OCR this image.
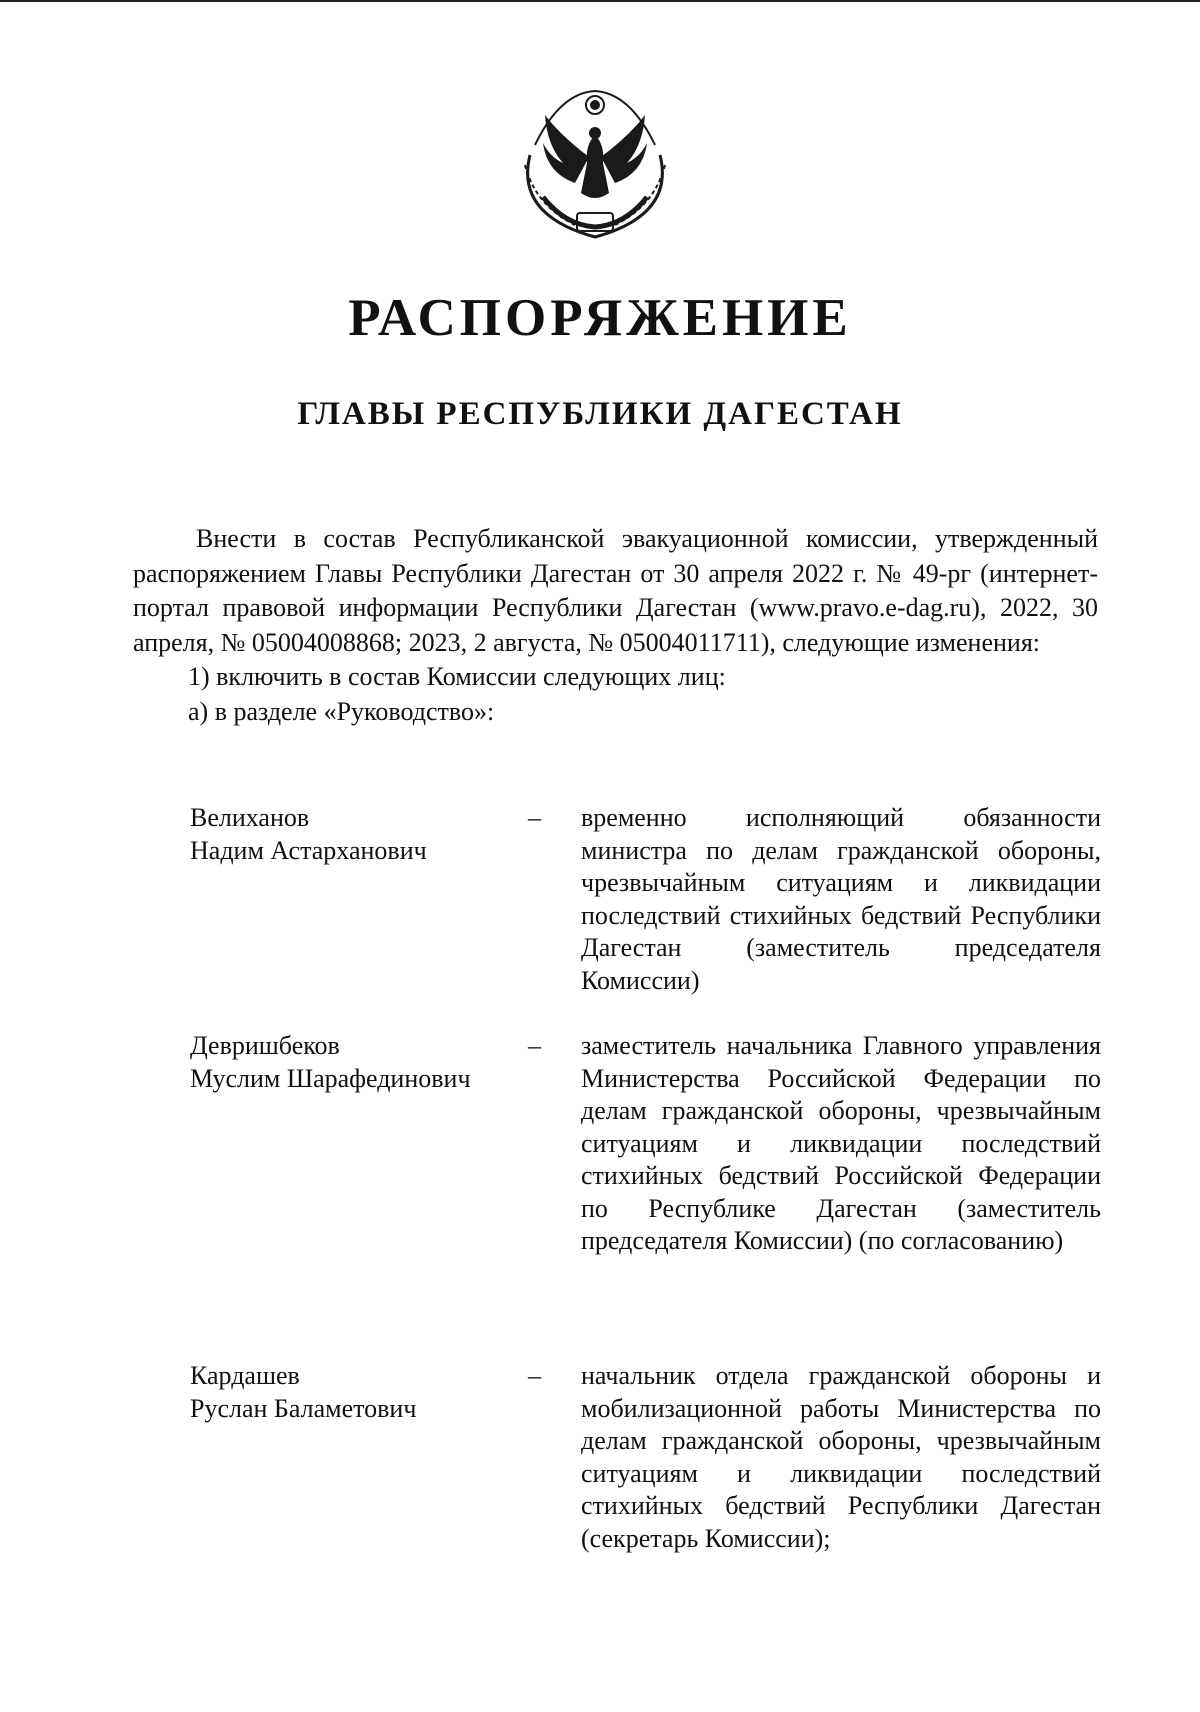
РАСПОРЯЖЕНИЕ
ГЛАВЫ РЕСПУБЛИКИ ДАГЕСТАН

Внести в состав Республиканской эвакуационной комиссии, утвержденный распоряжением Главы Республики Дагестан от 30 апреля 2022 г. № 49-рг (интернет-портал правовой информации Республики Дагестан (www.pravo.e-dag.ru), 2022, 30 апреля, № 05004008868; 2023, 2 августа, № 05004011711), следующие изменения:

1) включить в состав Комиссии следующих лиц:

а) в разделе «Руководство»:

Велиханов
Надим Астарханович
– временно исполняющий обязанности министра по делам гражданской обороны, чрезвычайным ситуациям и ликвидации последствий стихийных бедствий Республики Дагестан (заместитель председателя Комиссии)
Девришбеков
Муслим Шарафединович
– заместитель начальника Главного управления Министерства Российской Федерации по делам гражданской обороны, чрезвычайным ситуациям и ликвидации последствий стихийных бедствий Российской Федерации по Республике Дагестан (заместитель председателя Комиссии) (по согласованию)
Кардашев
Руслан Баламетович
– начальник отдела гражданской обороны и мобилизационной работы Министерства по делам гражданской обороны, чрезвычайным ситуациям и ликвидации последствий стихийных бедствий Республики Дагестан (секретарь Комиссии);
